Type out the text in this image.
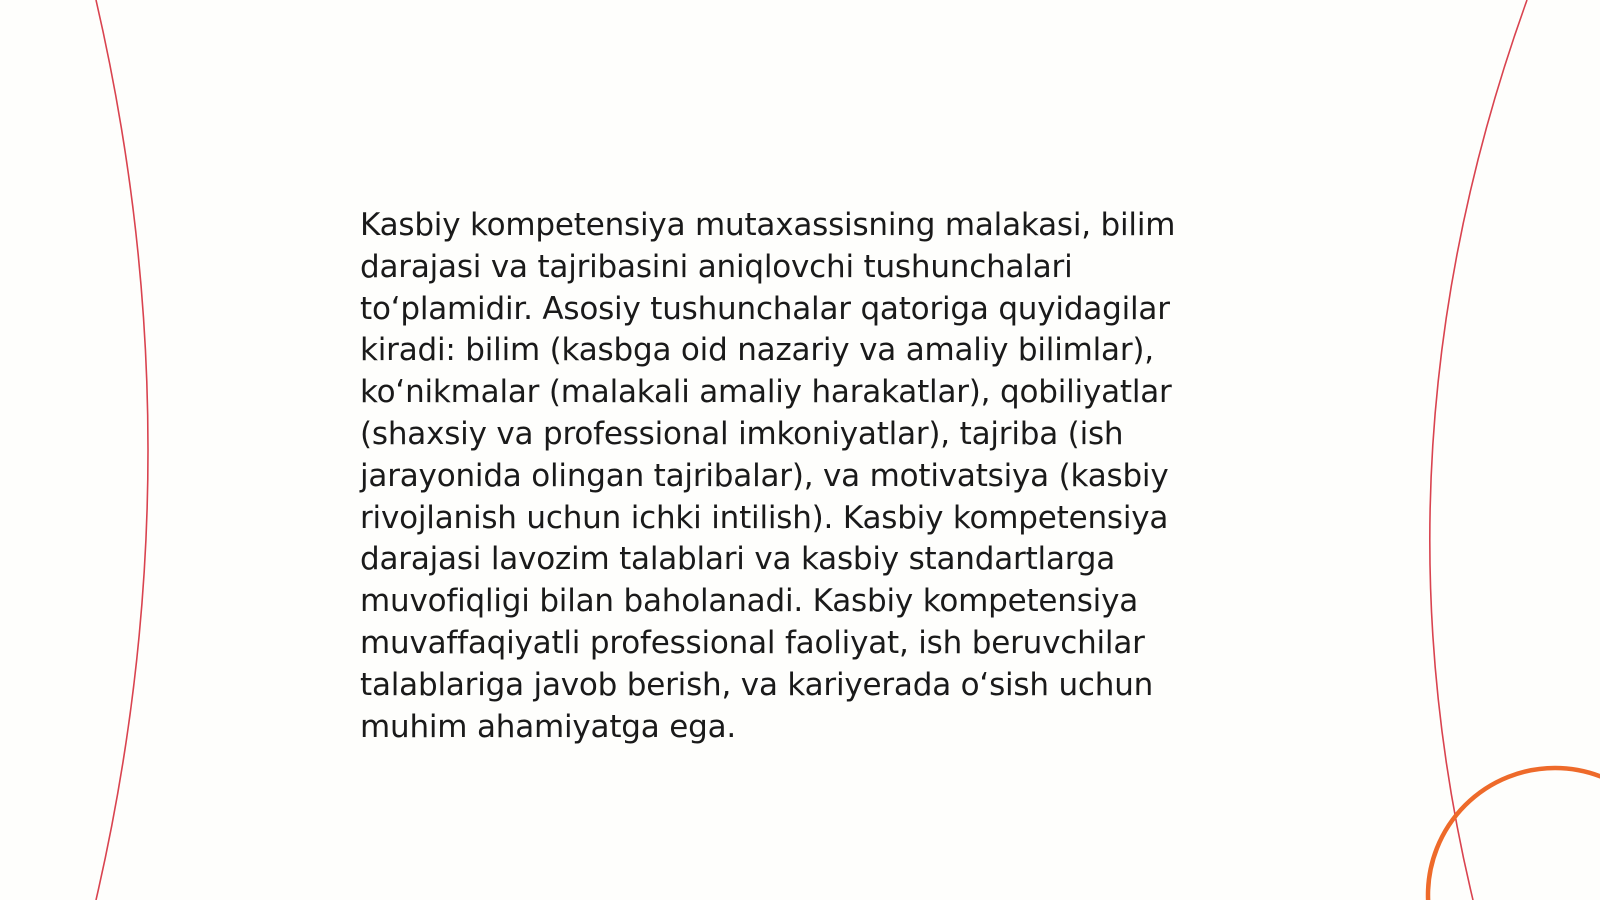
Kasbiy kompetensiya mutaxassisning malakasi, bilim darajasi va tajribasini aniqlovchi tushunchalari to‘plamidir. Asosiy tushunchalar qatoriga quyidagilar kiradi: bilim (kasbga oid nazariy va amaliy bilimlar), ko‘nikmalar (malakali amaliy harakatlar), qobiliyatlar (shaxsiy va professional imkoniyatlar), tajriba (ish jarayonida olingan tajribalar), va motivatsiya (kasbiy rivojlanish uchun ichki intilish). Kasbiy kompetensiya darajasi lavozim talablari va kasbiy standartlarga muvofiqligi bilan baholanadi. Kasbiy kompetensiya muvaffaqiyatli professional faoliyat, ish beruvchilar talablariga javob berish, va kariyerada o‘sish uchun muhim ahamiyatga ega.
